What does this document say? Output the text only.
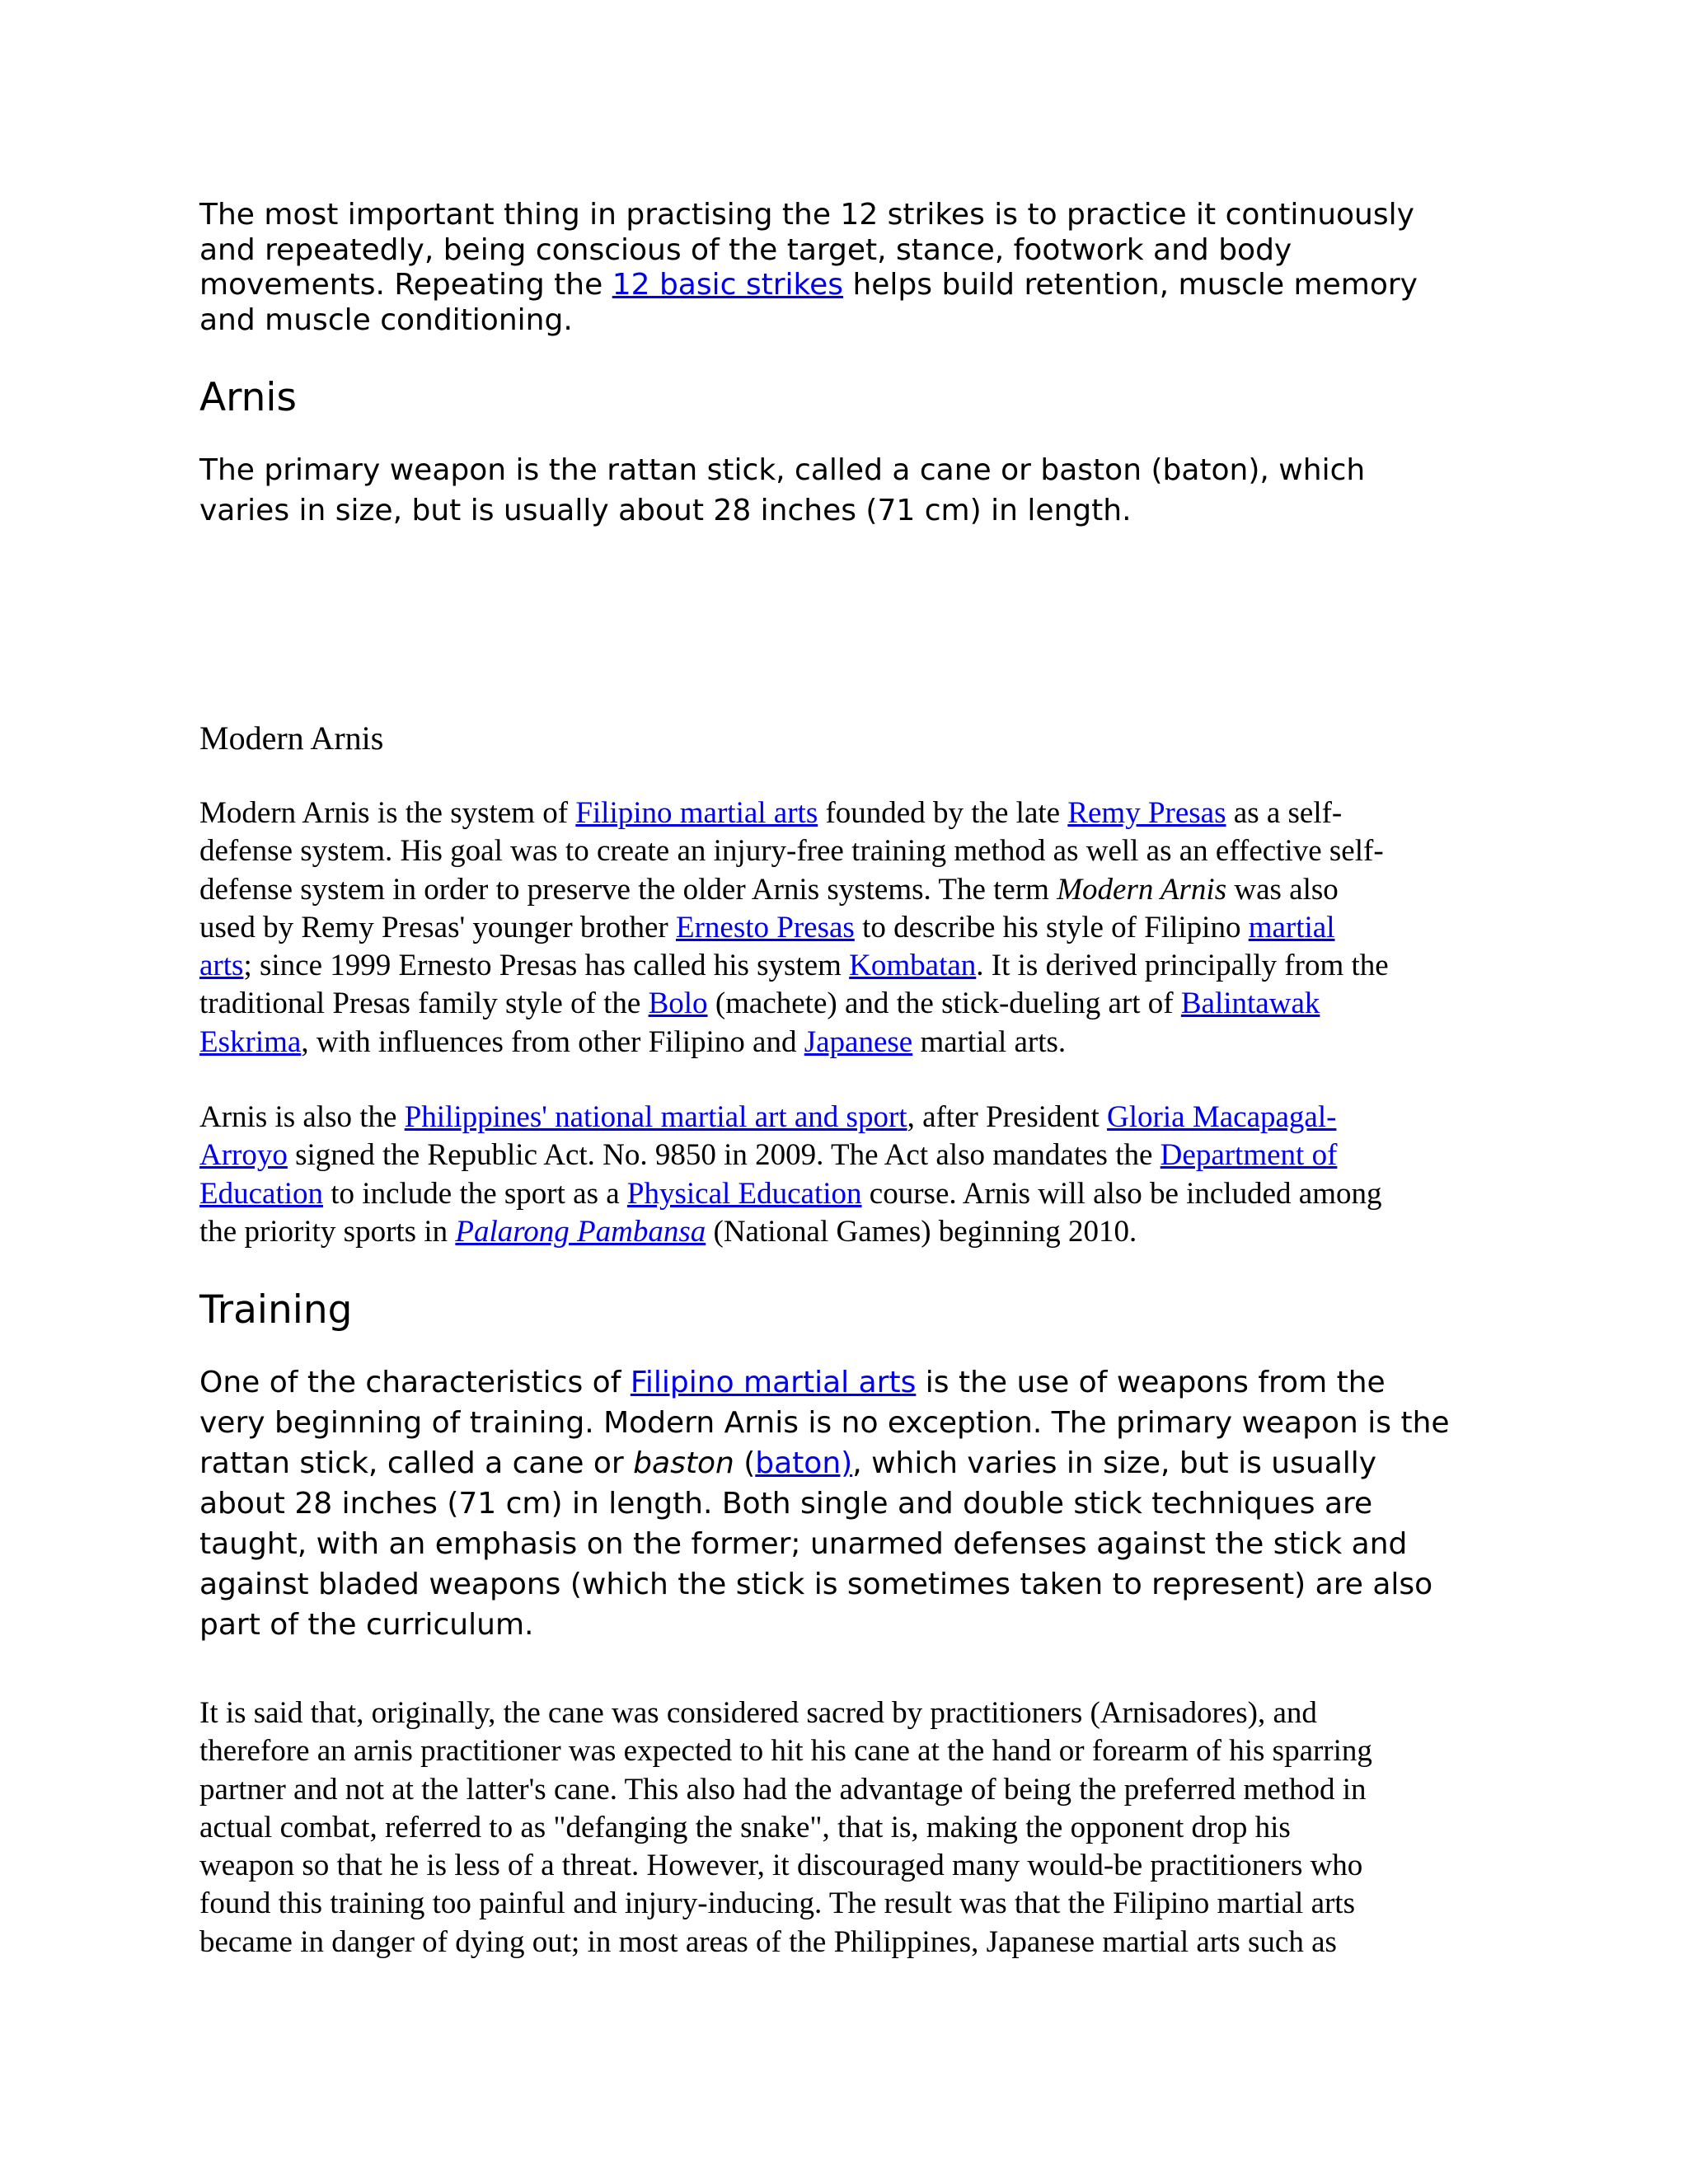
The most important thing in practising the 12 strikes is to practice it continuously
and repeatedly, being conscious of the target, stance, footwork and body
movements. Repeating the 12 basic strikes helps build retention, muscle memory
and muscle conditioning.
Arnis
The primary weapon is the rattan stick, called a cane or baston (baton), which
varies in size, but is usually about 28 inches (71 cm) in length.
Modern Arnis
Modern Arnis is the system of Filipino martial arts founded by the late Remy Presas as a self-
defense system. His goal was to create an injury-free training method as well as an effective self-
defense system in order to preserve the older Arnis systems. The term Modern Arnis was also
used by Remy Presas' younger brother Ernesto Presas to describe his style of Filipino martial
arts; since 1999 Ernesto Presas has called his system Kombatan. It is derived principally from the
traditional Presas family style of the Bolo (machete) and the stick-dueling art of Balintawak
Eskrima, with influences from other Filipino and Japanese martial arts.
Arnis is also the Philippines' national martial art and sport, after President Gloria Macapagal-
Arroyo signed the Republic Act. No. 9850 in 2009. The Act also mandates the Department of
Education to include the sport as a Physical Education course. Arnis will also be included among
the priority sports in Palarong Pambansa (National Games) beginning 2010.
Training
One of the characteristics of Filipino martial arts is the use of weapons from the
very beginning of training. Modern Arnis is no exception. The primary weapon is the
rattan stick, called a cane or baston (baton), which varies in size, but is usually
about 28 inches (71 cm) in length. Both single and double stick techniques are
taught, with an emphasis on the former; unarmed defenses against the stick and
against bladed weapons (which the stick is sometimes taken to represent) are also
part of the curriculum.
It is said that, originally, the cane was considered sacred by practitioners (Arnisadores), and
therefore an arnis practitioner was expected to hit his cane at the hand or forearm of his sparring
partner and not at the latter's cane. This also had the advantage of being the preferred method in
actual combat, referred to as "defanging the snake", that is, making the opponent drop his
weapon so that he is less of a threat. However, it discouraged many would-be practitioners who
found this training too painful and injury-inducing. The result was that the Filipino martial arts
became in danger of dying out; in most areas of the Philippines, Japanese martial arts such as
